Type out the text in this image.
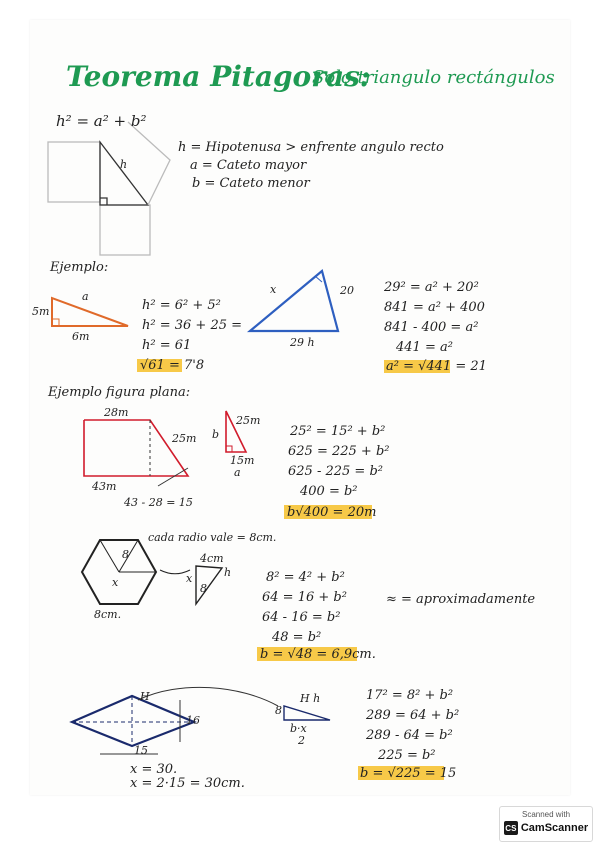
Teorema Pitagoras:
Solo triangulo rectángulos
h² = a² + b²
h
h = Hipotenusa > enfrente angulo recto
a = Cateto mayor
b = Cateto menor
Ejemplo:
5m
a
6m
h² = 6² + 5²
h² = 36 + 25 =
h² = 61
√61 = 7'8
x	20
29 h
29² = a² + 20²
841 = a² + 400
841 - 400 = a²
441 = a²
a² = √441 = 21
Ejemplo figura plana:
28m
25m
43m
43 - 28 = 15
b
25m
15m
a
25² = 15² + b²
625 = 225 + b²
625 - 225 = b²
400 = b²
b√400 = 20m
cada radio vale = 8cm.
8
x
8cm.
4cm
x	h
8
8² = 4² + b²
64 = 16 + b²
64 - 16 = b²
48 = b²
≈ = aproximadamente
b = √48 = 6,9cm.
H
16
15
x = 30.
x = 2·15 = 30cm.
H h
8
b·x
2
17² = 8² + b²
289 = 64 + b²
289 - 64 = b²
225 = b²
b = √225 = 15
Scanned with
CS CamScanner
